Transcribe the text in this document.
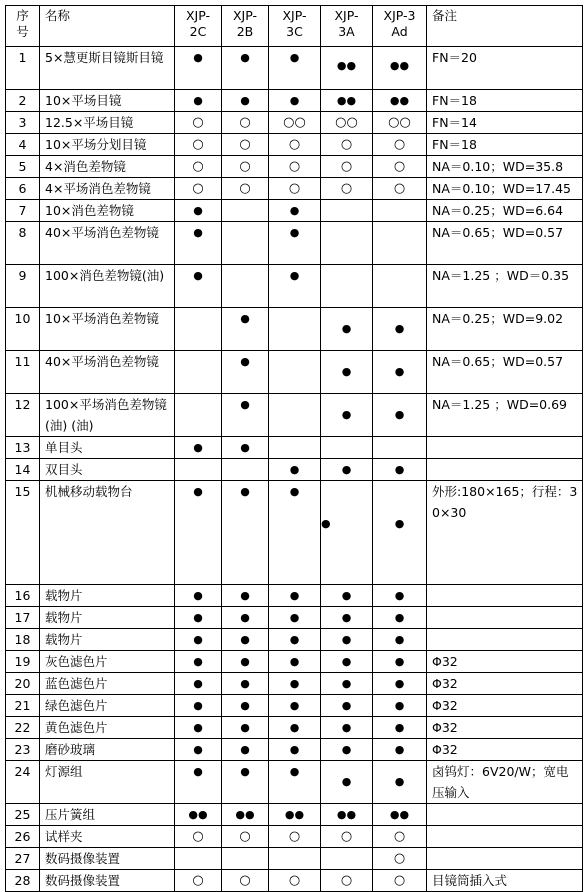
序号	名称	XJP-2C	XJP-2B	XJP-3C	XJP-3A	XJP-3Ad	备注
1	5×慧更斯目镜斯目镜	●	●	●	●●	●●	FN＝20
2	10×平场目镜	●	●	●	●●	●●	FN＝18
3	12.5×平场目镜	○	○	○○	○○	○○	FN＝14
4	10×平场分划目镜	○	○	○	○	○	FN＝18
5	4×消色差物镜	○	○	○	○	○	NA＝0.10；WD=35.8
6	4×平场消色差物镜	○	○	○	○	○	NA＝0.10；WD=17.45
7	10×消色差物镜	●		●			NA＝0.25；WD=6.64
8	40×平场消色差物镜	●		●			NA＝0.65；WD=0.57
9	100×消色差物镜(油)	●		●			NA＝1.25 ；WD＝0.35
10	10×平场消色差物镜		●		●	●	NA＝0.25；WD=9.02
11	40×平场消色差物镜		●		●	●	NA＝0.65；WD=0.57
12	100×平场消色差物镜(油) (油)		●		●	●	NA＝1.25 ；WD=0.69
13	单目头	●	●				

14	双目头			●	●	●	

15	机械移动载物台	●	●	●	●	●	外形:180×165；行程：30×30
16	载物片	●	●	●	●	●	

17	载物片	●	●	●	●	●	

18	载物片	●	●	●	●	●	

19	灰色滤色片	●	●	●	●	●	Φ32
20	蓝色滤色片	●	●	●	●	●	Φ32
21	绿色滤色片	●	●	●	●	●	Φ32
22	黄色滤色片	●	●	●	●	●	Φ32
23	磨砂玻璃	●	●	●	●	●	Φ32
24	灯源组	●	●	●	●	●	卤钨灯：6V20/W；宽电压输入
25	压片簧组	●●	●●	●●	●●	●●	

26	试样夹	○	○	○	○	○	

27	数码摄像装置					○	

28	数码摄像装置	○	○	○	○	○	目镜筒插入式
